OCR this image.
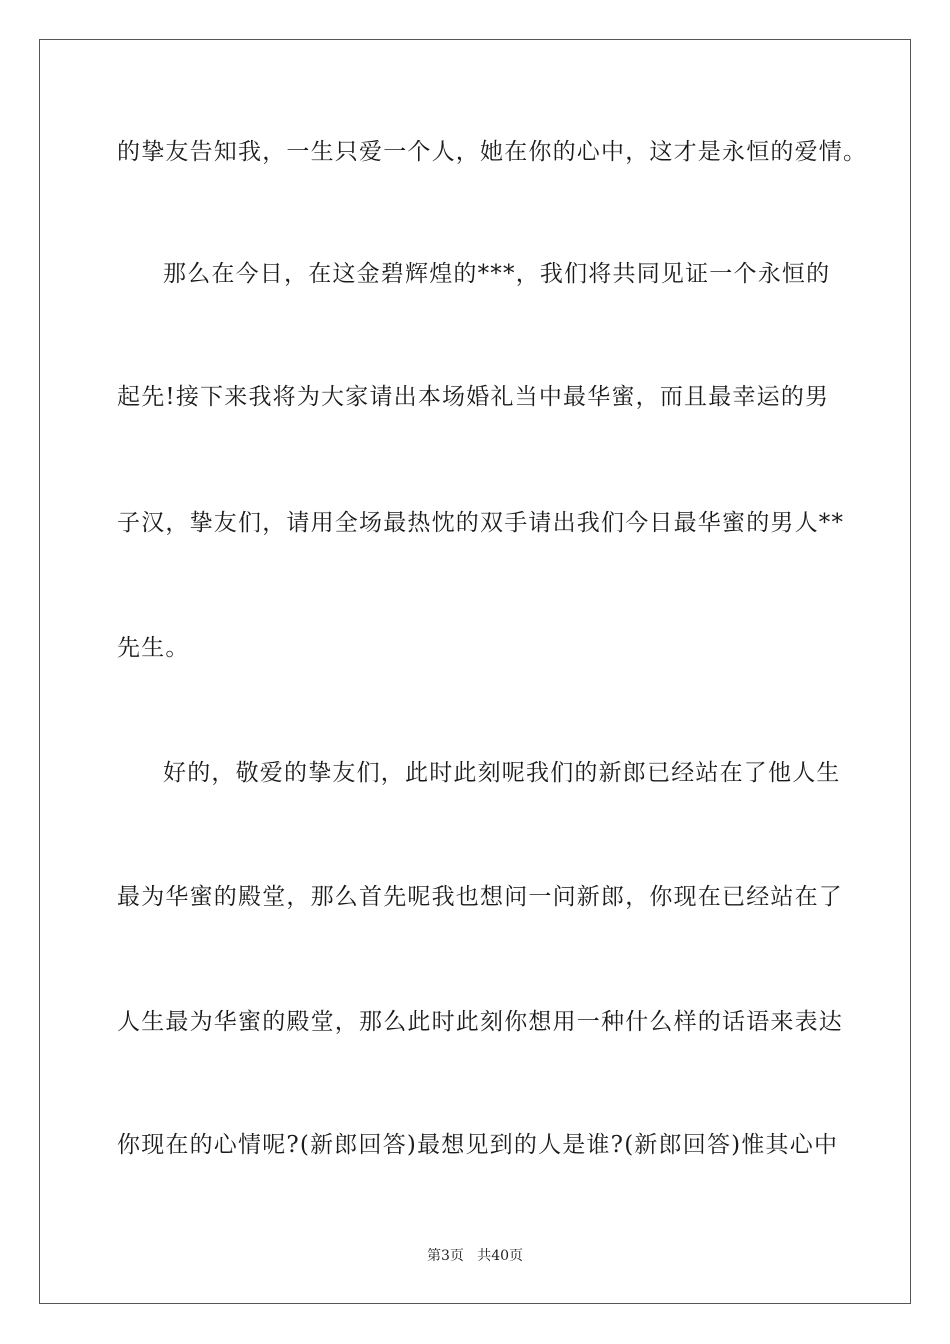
的挚友告知我，一生只爱一个人，她在你的心中，这才是永恒的爱情。
那么在今日，在这金碧辉煌的***，我们将共同见证一个永恒的
起先!接下来我将为大家请出本场婚礼当中最华蜜，而且最幸运的男
子汉，挚友们，请用全场最热忱的双手请出我们今日最华蜜的男人**
先生。
好的，敬爱的挚友们，此时此刻呢我们的新郎已经站在了他人生
最为华蜜的殿堂，那么首先呢我也想问一问新郎，你现在已经站在了
人生最为华蜜的殿堂，那么此时此刻你想用一种什么样的话语来表达
你现在的心情呢?(新郎回答)最想见到的人是谁?(新郎回答)惟其心中
第3页   共40页
